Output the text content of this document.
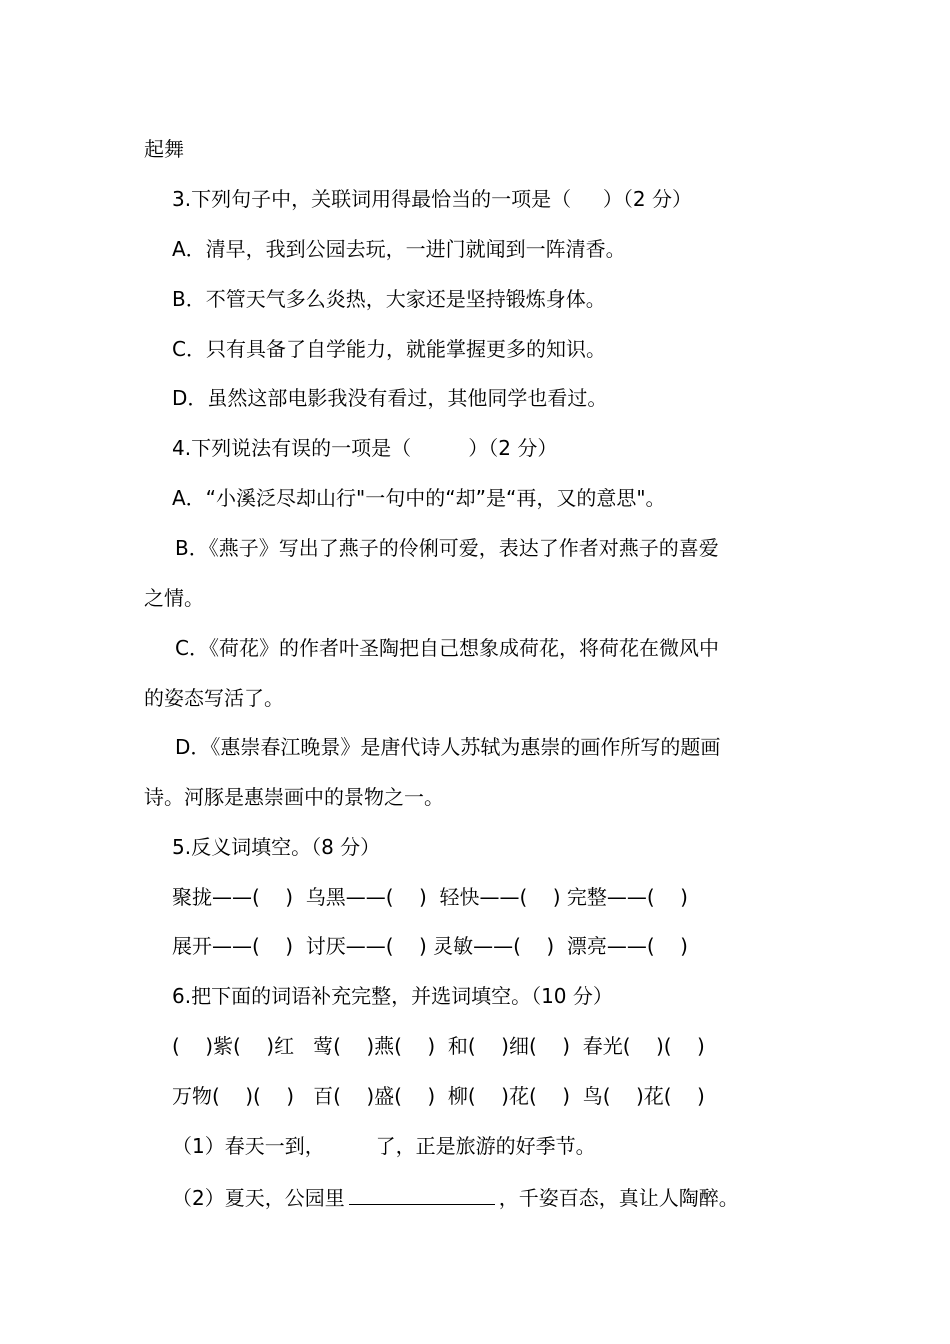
起舞
3.下列句子中，关联词用得最恰当的一项是（     ）（2 分）
A．清早，我到公园去玩，一进门就闻到一阵清香。
B．不管天气多么炎热，大家还是坚持锻炼身体。
C．只有具备了自学能力，就能掌握更多的知识。
D．虽然这部电影我没有看过，其他同学也看过。
4.下列说法有误的一项是（         ）（2 分）
A．“小溪泛尽却山行"一句中的“却”是“再，又的意思"。
B．《燕子》写出了燕子的伶俐可爱，表达了作者对燕子的喜爱
之情。
C．《荷花》的作者叶圣陶把自己想象成荷花，将荷花在微风中
的姿态写活了。
D．《惠崇春江晚景》是唐代诗人苏轼为惠崇的画作所写的题画
诗。河豚是惠崇画中的景物之一。
5.反义词填空。（8 分）
聚拢——(    )  乌黑——(    )  轻快——(    ) 完整——(    )
展开——(    )  讨厌——(    ) 灵敏——(    )  漂亮——(    )
6.把下面的词语补充完整，并选词填空。（10 分）
(    )紫(    )红   莺(    )燕(    )  和(    )细(    )  春光(    )(    )
万物(    )(    )   百(    )盛(    )  柳(    )花(    )  鸟(    )花(    )
（1）春天一到，        了，正是旅游的好季节。
（2）夏天，公园里	，千姿百态，真让人陶醉。
